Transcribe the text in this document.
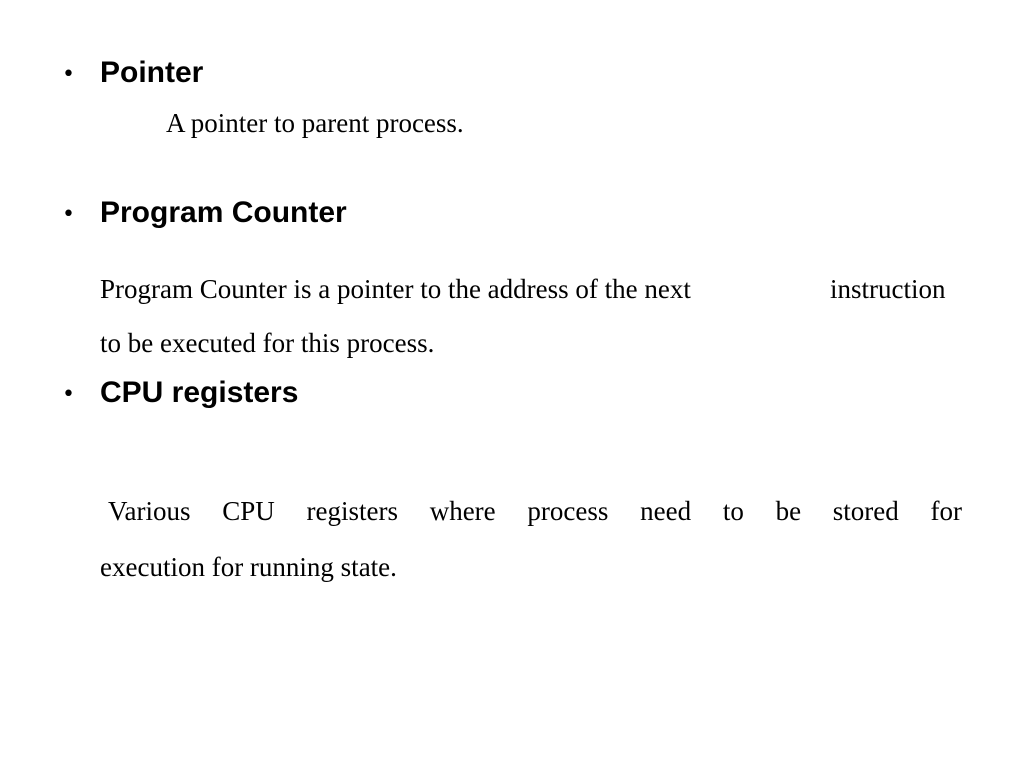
• Pointer
A pointer to parent process.
• Program Counter
Program Counter is a pointer to the address of the next	instruction
to be executed for this process.
• CPU registers
Various CPU registers where process need to be stored for
execution for running state.
